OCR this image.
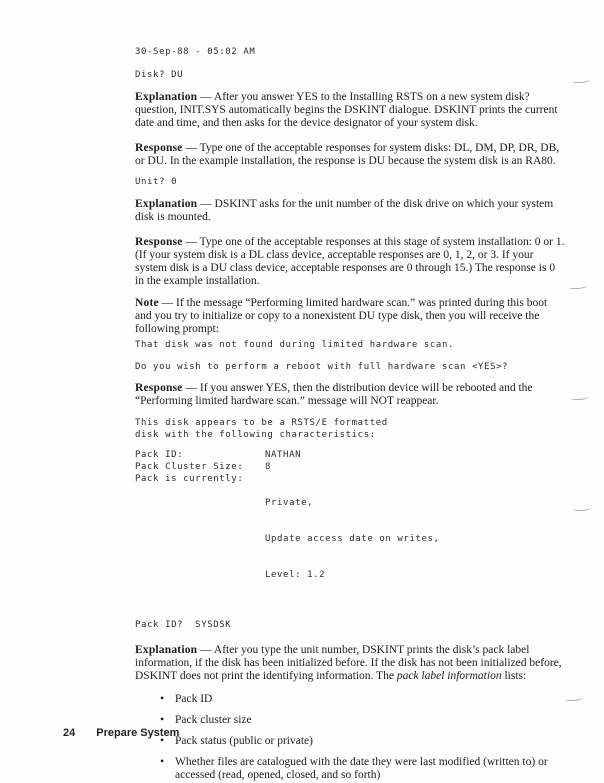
30-Sep-88 - 05:02 AM
Disk? DU

Explanation — After you answer YES to the Installing RSTS on a new system disk? question, INIT.SYS automatically begins the DSKINT dialogue. DSKINT prints the current date and time, and then asks for the device designator of your system disk.

Response — Type one of the acceptable responses for system disks: DL, DM, DP, DR, DB, or DU. In the example installation, the response is DU because the system disk is an RA80.

Unit? 0

Explanation — DSKINT asks for the unit number of the disk drive on which your system disk is mounted.

Response — Type one of the acceptable responses at this stage of system installation: 0 or 1. (If your system disk is a DL class device, acceptable responses are 0, 1, 2, or 3. If your system disk is a DU class device, acceptable responses are 0 through 15.) The response is 0 in the example installation.

Note — If the message “Performing limited hardware scan.” was printed during this boot and you try to initialize or copy to a nonexistent DU type disk, then you will receive the following prompt:

That disk was not found during limited hardware scan.
Do you wish to perform a reboot with full hardware scan <YES>?

Response — If you answer YES, then the distribution device will be rebooted and the “Performing limited hardware scan.” message will NOT reappear.

This disk appears to be a RSTS/E formatted
disk with the following characteristics:
Pack ID:	NATHAN
Pack Cluster Size:	8
Pack is currently:

Private,

Update access date on writes,

Level: 1.2

Pack ID?  SYSDSK

Explanation — After you type the unit number, DSKINT prints the disk’s pack label information, if the disk has been initialized before. If the disk has not been initialized before, DSKINT does not print the identifying information. The pack label information lists:

• Pack ID
• Pack cluster size
• Pack status (public or private)
• Whether files are catalogued with the date they were last modified (written to) or accessed (read, opened, closed, and so forth)
24 Prepare System
